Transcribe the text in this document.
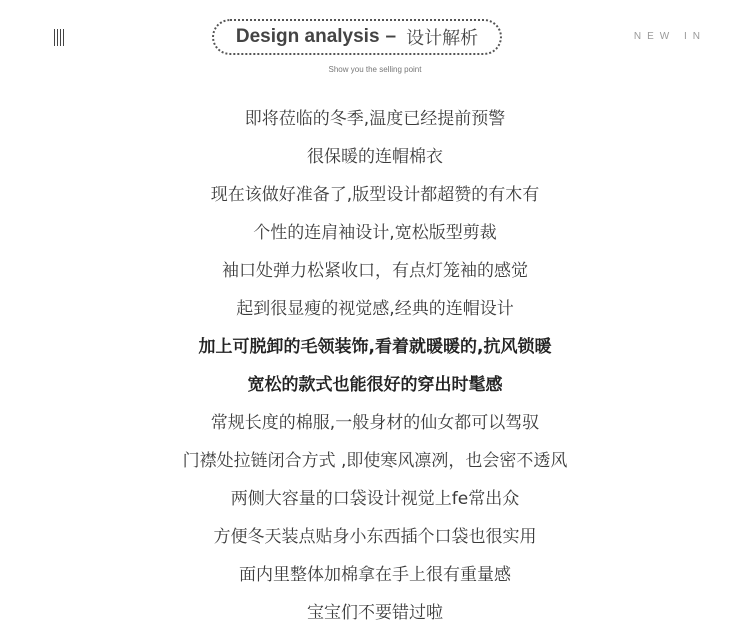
Design analysis – 设计解析
Show you the selling point
NEW IN
即将莅临的冬季,温度已经提前预警
很保暖的连帽棉衣
现在该做好准备了,版型设计都超赞的有木有
个性的连肩袖设计,宽松版型剪裁
袖口处弹力松紧收口，有点灯笼袖的感觉
起到很显瘦的视觉感,经典的连帽设计
加上可脱卸的毛领装饰,看着就暖暖的,抗风锁暖
宽松的款式也能很好的穿出时髦感
常规长度的棉服,一般身材的仙女都可以驾驭
门襟处拉链闭合方式 ,即使寒风凛冽，也会密不透风
两侧大容量的口袋设计视觉上fe常出众
方便冬天装点贴身小东西插个口袋也很实用
面内里整体加棉拿在手上很有重量感
宝宝们不要错过啦
